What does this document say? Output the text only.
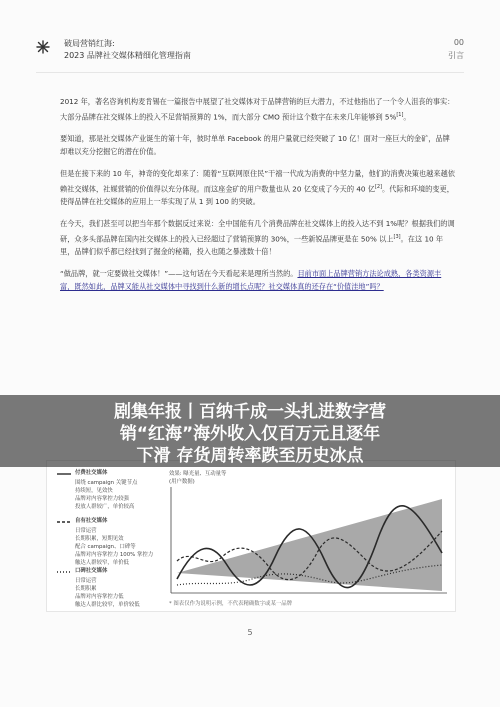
破局营销红海:
2023 品牌社交媒体精细化管理指南
00
引言

2012 年，著名咨询机构麦肯锡在一篇报告中展望了社交媒体对于品牌营销的巨大潜力，不过他指出了一个令人沮丧的事实：大部分品牌在社交媒体上的投入不足营销预算的 1%，而大部分 CMO 预计这个数字在未来几年能够到 5%[1]。

要知道，那是社交媒体产业诞生的第十年，彼时单单 Facebook 的用户量就已经突破了 10 亿！面对一座巨大的金矿，品牌却难以充分挖掘它的潜在价值。

但是在接下来的 10 年，神奇的变化却来了：随着“互联网原住民”干禧一代成为消费的中坚力量，他们的消费决策也越来越依赖社交媒体，社媒营销的价值得以充分体现。而这座金矿的用户数量也从 20 亿变成了今天的 40 亿[2]。代际和环境的变更，使得品牌在社交媒体的应用上一举实现了从 1 到 100 的突破。

在今天，我们甚至可以把当年那个数据反过来说：全中国能有几个消费品牌在社交媒体上的投入达不到 1%呢？根据我们的调研，众多头部品牌在国内社交媒体上的投入已经超过了营销预算的 30%，一些新锐品牌更是在 50% 以上[3]。在这 10 年里，品牌们似乎都已经找到了掘金的秘籍，投入也随之暴涨数十倍！

“做品牌，就一定要做社交媒体！”——这句话在今天看起来是理所当然的。目前市面上品牌营销方法论成熟，各类资源丰富，既然如此，品牌又能从社交媒体中寻找到什么新的增长点呢？社交媒体真的还存在“价值洼地”吗？

付费社交媒体
围绕 campaign 关键节点
持续短，见效快
品牌对内容掌控力较强
投放人群较广，单价较高
自有社交媒体
日常运营
长期积累，短期见效
配合 campaign、口碑等
品牌对内容掌控力 100% 掌控力
触达人群较窄，单价低
口碑社交媒体
日常运营
长期积累
品牌对内容掌控力低
触达人群比较窄，单价较低
效果: 曝光量、互动量等
(用户数据)
* 图表仅作为说明示例，不代表精确数字或某一品牌
剧集年报丨百纳千成一头扎进数字营
销“红海”海外收入仅百万元且逐年
下滑 存货周转率跌至历史冰点
5
